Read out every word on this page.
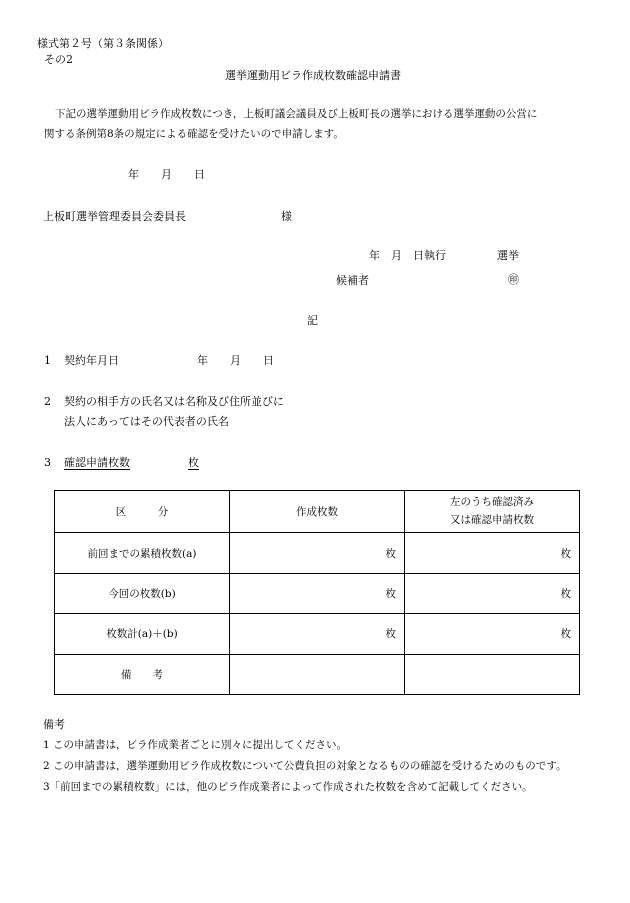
様式第２号（第３条関係）
その2
選挙運動用ビラ作成枚数確認申請書
下記の選挙運動用ビラ作成枚数につき，上板町議会議員及び上板町長の選挙における選挙運動の公営に
関する条例第8条の規定による確認を受けたいので申請します。
年　　月　　日
上板町選挙管理委員会委員長	様
年　月　日執行	選挙
候補者	㊞
記
1 契約年月日	年　　月　　日
2 契約の相手方の氏名又は名称及び住所並びに
法人にあってはその代表者の氏名
3 確認申請枚数	枚
区　　　分	作成枚数	左のうち確認済み
又は確認申請枚数

前回までの累積枚数(a)	枚	枚
今回の枚数(b)	枚	枚
枚数計(a)＋(b)	枚	枚
備　　考		
備考
1 この申請書は，ビラ作成業者ごとに別々に提出してください。
2 この申請書は，選挙運動用ビラ作成枚数について公費負担の対象となるものの確認を受けるためのものです。
3「前回までの累積枚数」には，他のビラ作成業者によって作成された枚数を含めて記載してください。
